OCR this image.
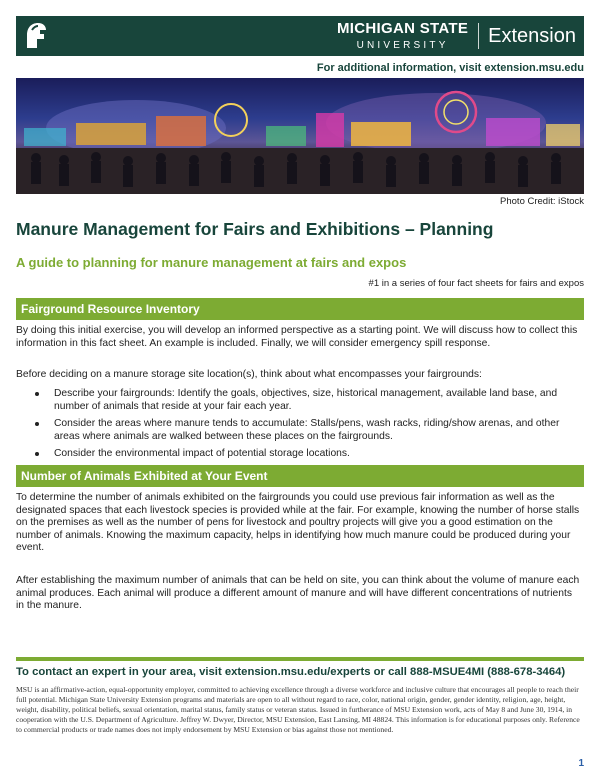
MICHIGAN STATE
UNIVERSITY	Extension
For additional information, visit extension.msu.edu
Photo Credit: iStock
Manure Management for Fairs and Exhibitions – Planning
A guide to planning for manure management at fairs and expos
#1 in a series of four fact sheets for fairs and expos
Fairground Resource Inventory

By doing this initial exercise, you will develop an informed perspective as a starting point. We will discuss how to collect this information in this fact sheet. An example is included. Finally, we will consider emergency spill response.

Before deciding on a manure storage site location(s), think about what encompasses your fairgrounds:

Describe your fairgrounds: Identify the goals, objectives, size, historical management, available land base, and number of animals that reside at your fair each year.
Consider the areas where manure tends to accumulate: Stalls/pens, wash racks, riding/show arenas, and other areas where animals are walked between these places on the fairgrounds.
Consider the environmental impact of potential storage locations.
Number of Animals Exhibited at Your Event

To determine the number of animals exhibited on the fairgrounds you could use previous fair information as well as the designated spaces that each livestock species is provided while at the fair. For example, knowing the number of horse stalls on the premises as well as the number of pens for livestock and poultry projects will give you a good estimation on the number of animals. Knowing the maximum capacity, helps in identifying how much manure could be produced during your event.

After establishing the maximum number of animals that can be held on site, you can think about the volume of manure each animal produces. Each animal will produce a different amount of manure and will have different concentrations of nutrients in the manure.

To contact an expert in your area, visit extension.msu.edu/experts or call 888-MSUE4MI (888-678-3464)

MSU is an affirmative-action, equal-opportunity employer, committed to achieving excellence through a diverse workforce and inclusive culture that encourages all people to reach their full potential. Michigan State University Extension programs and materials are open to all without regard to race, color, national origin, gender, gender identity, religion, age, height, weight, disability, political beliefs, sexual orientation, marital status, family status or veteran status. Issued in furtherance of MSU Extension work, acts of May 8 and June 30, 1914, in cooperation with the U.S. Department of Agriculture. Jeffrey W. Dwyer, Director, MSU Extension, East Lansing, MI 48824. This information is for educational purposes only. Reference to commercial products or trade names does not imply endorsement by MSU Extension or bias against those not mentioned.

1
